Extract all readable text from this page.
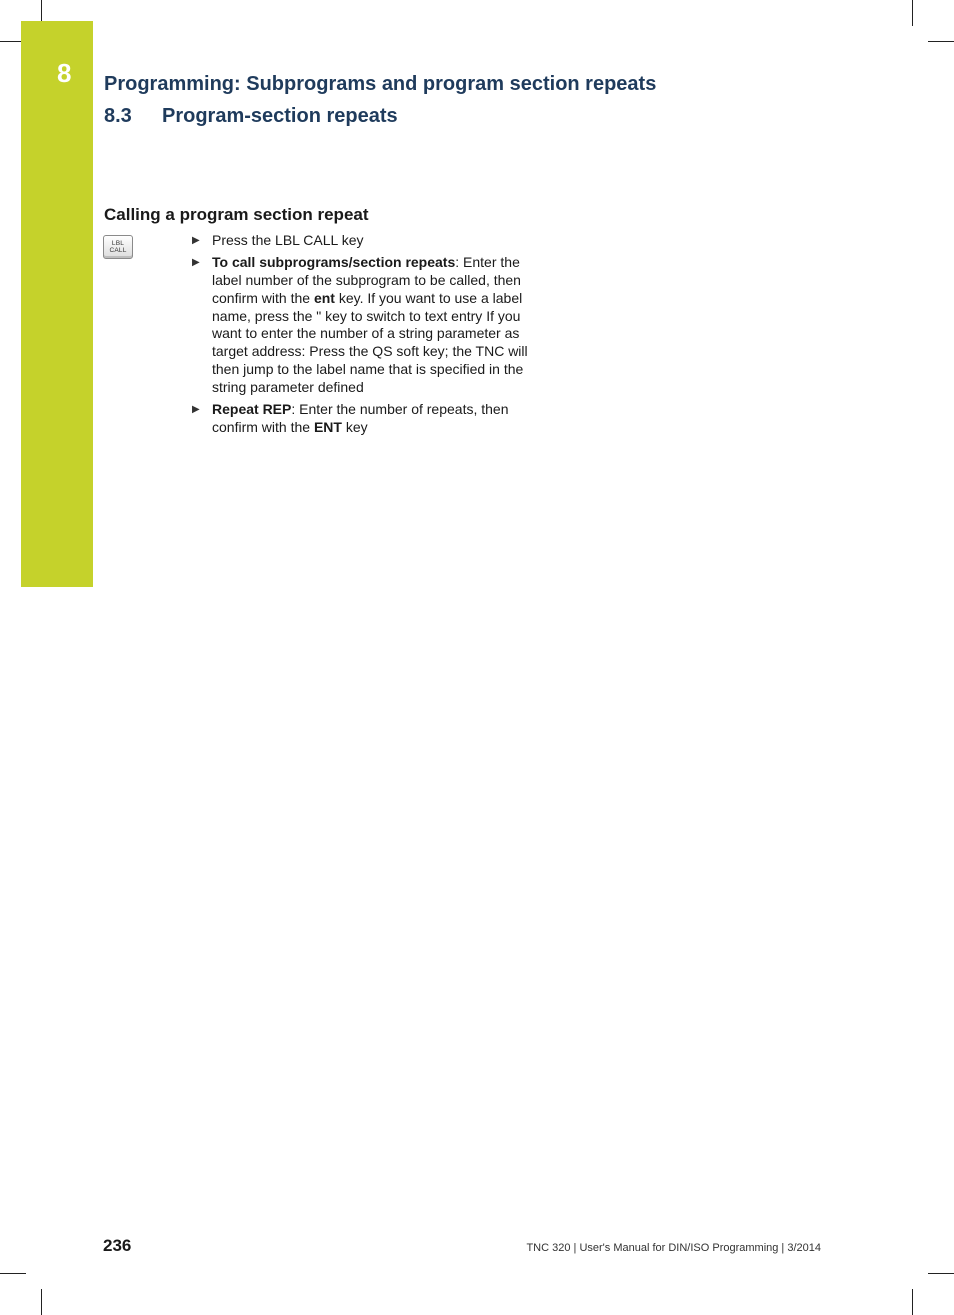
8	Programming: Subprograms and program section repeats
8.3 Program-section repeats
Calling a program section repeat
LBL
CALL
▶ Press the LBL CALL key
▶ To call subprograms/section repeats: Enter the label number of the subprogram to be called, then confirm with the ent key. If you want to use a label name, press the " key to switch to text entry If you want to enter the number of a string parameter as target address: Press the QS soft key; the TNC will then jump to the label name that is specified in the string parameter defined
▶ Repeat REP: Enter the number of repeats, then confirm with the ENT key
236	TNC 320 | User's Manual for DIN/ISO Programming | 3/2014
